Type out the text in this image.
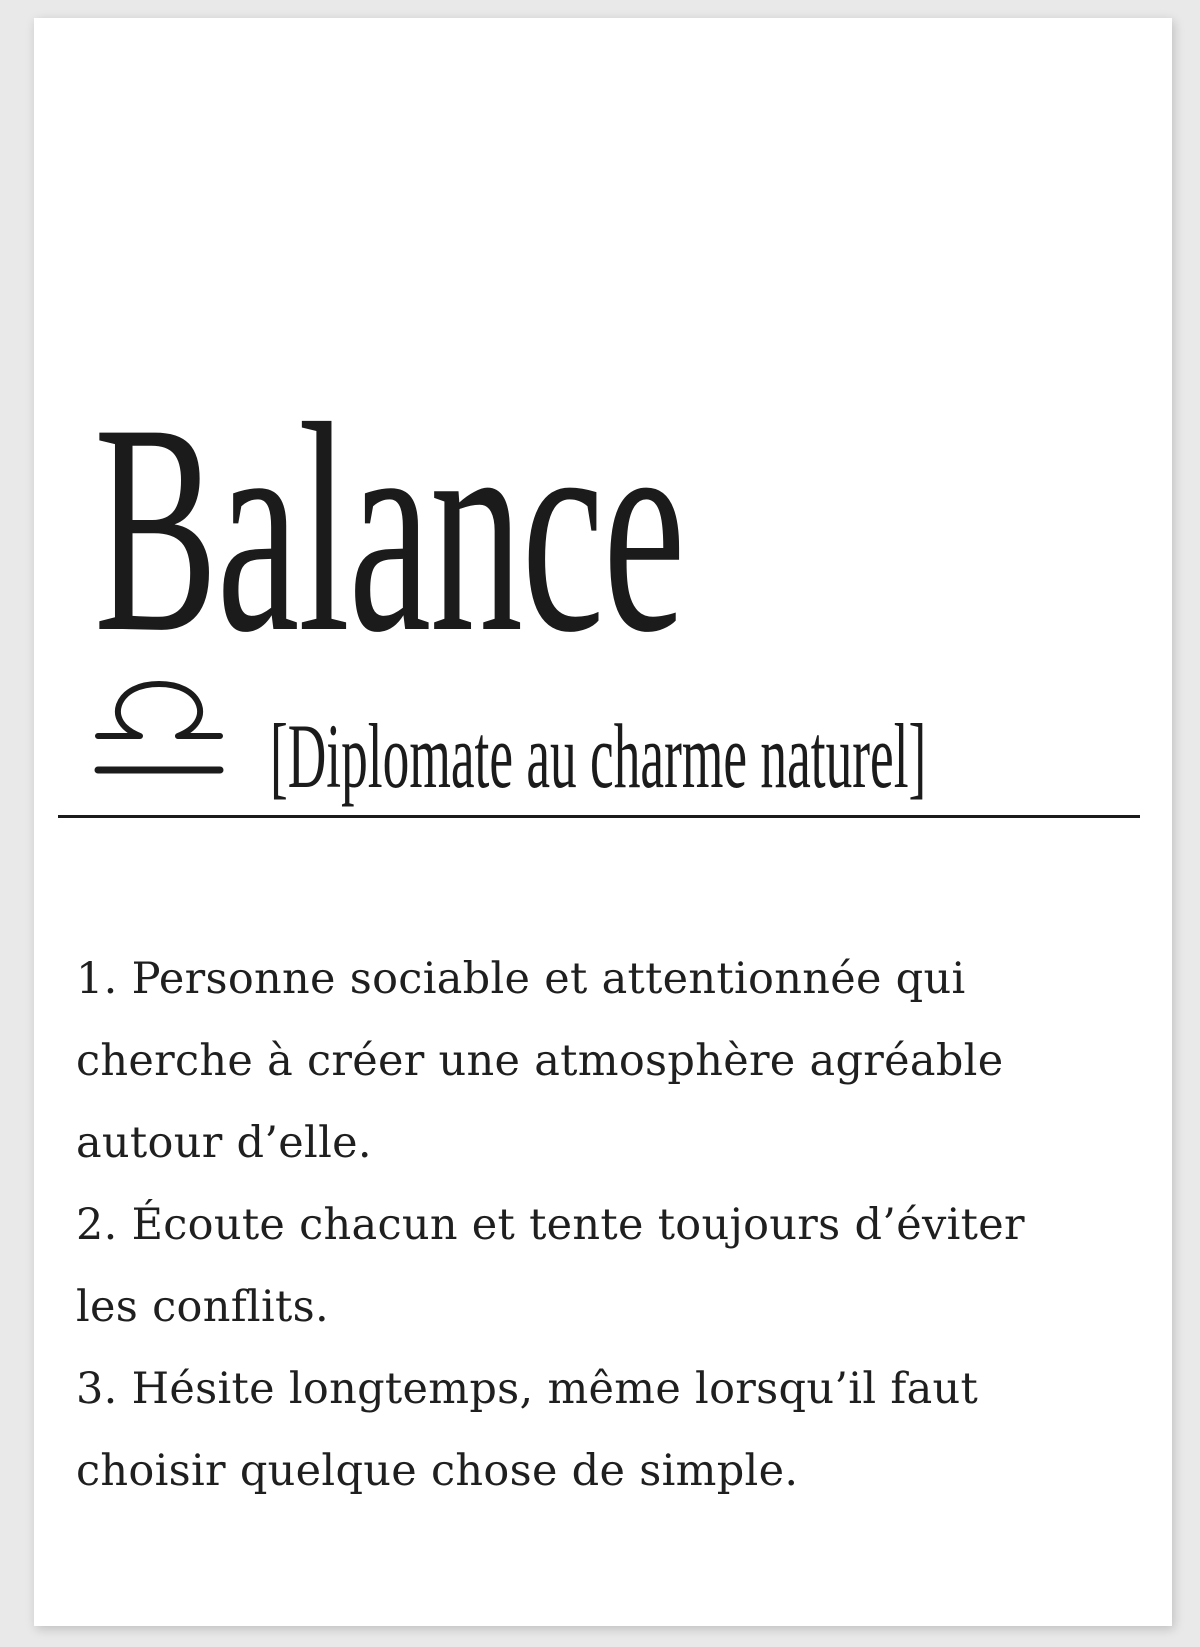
Balance
[Diplomate au charme naturel]
1. Personne sociable et attentionnée qui
cherche à créer une atmosphère agréable
autour d’elle.
2. Écoute chacun et tente toujours d’éviter
les conflits.
3. Hésite longtemps, même lorsqu’il faut
choisir quelque chose de simple.
